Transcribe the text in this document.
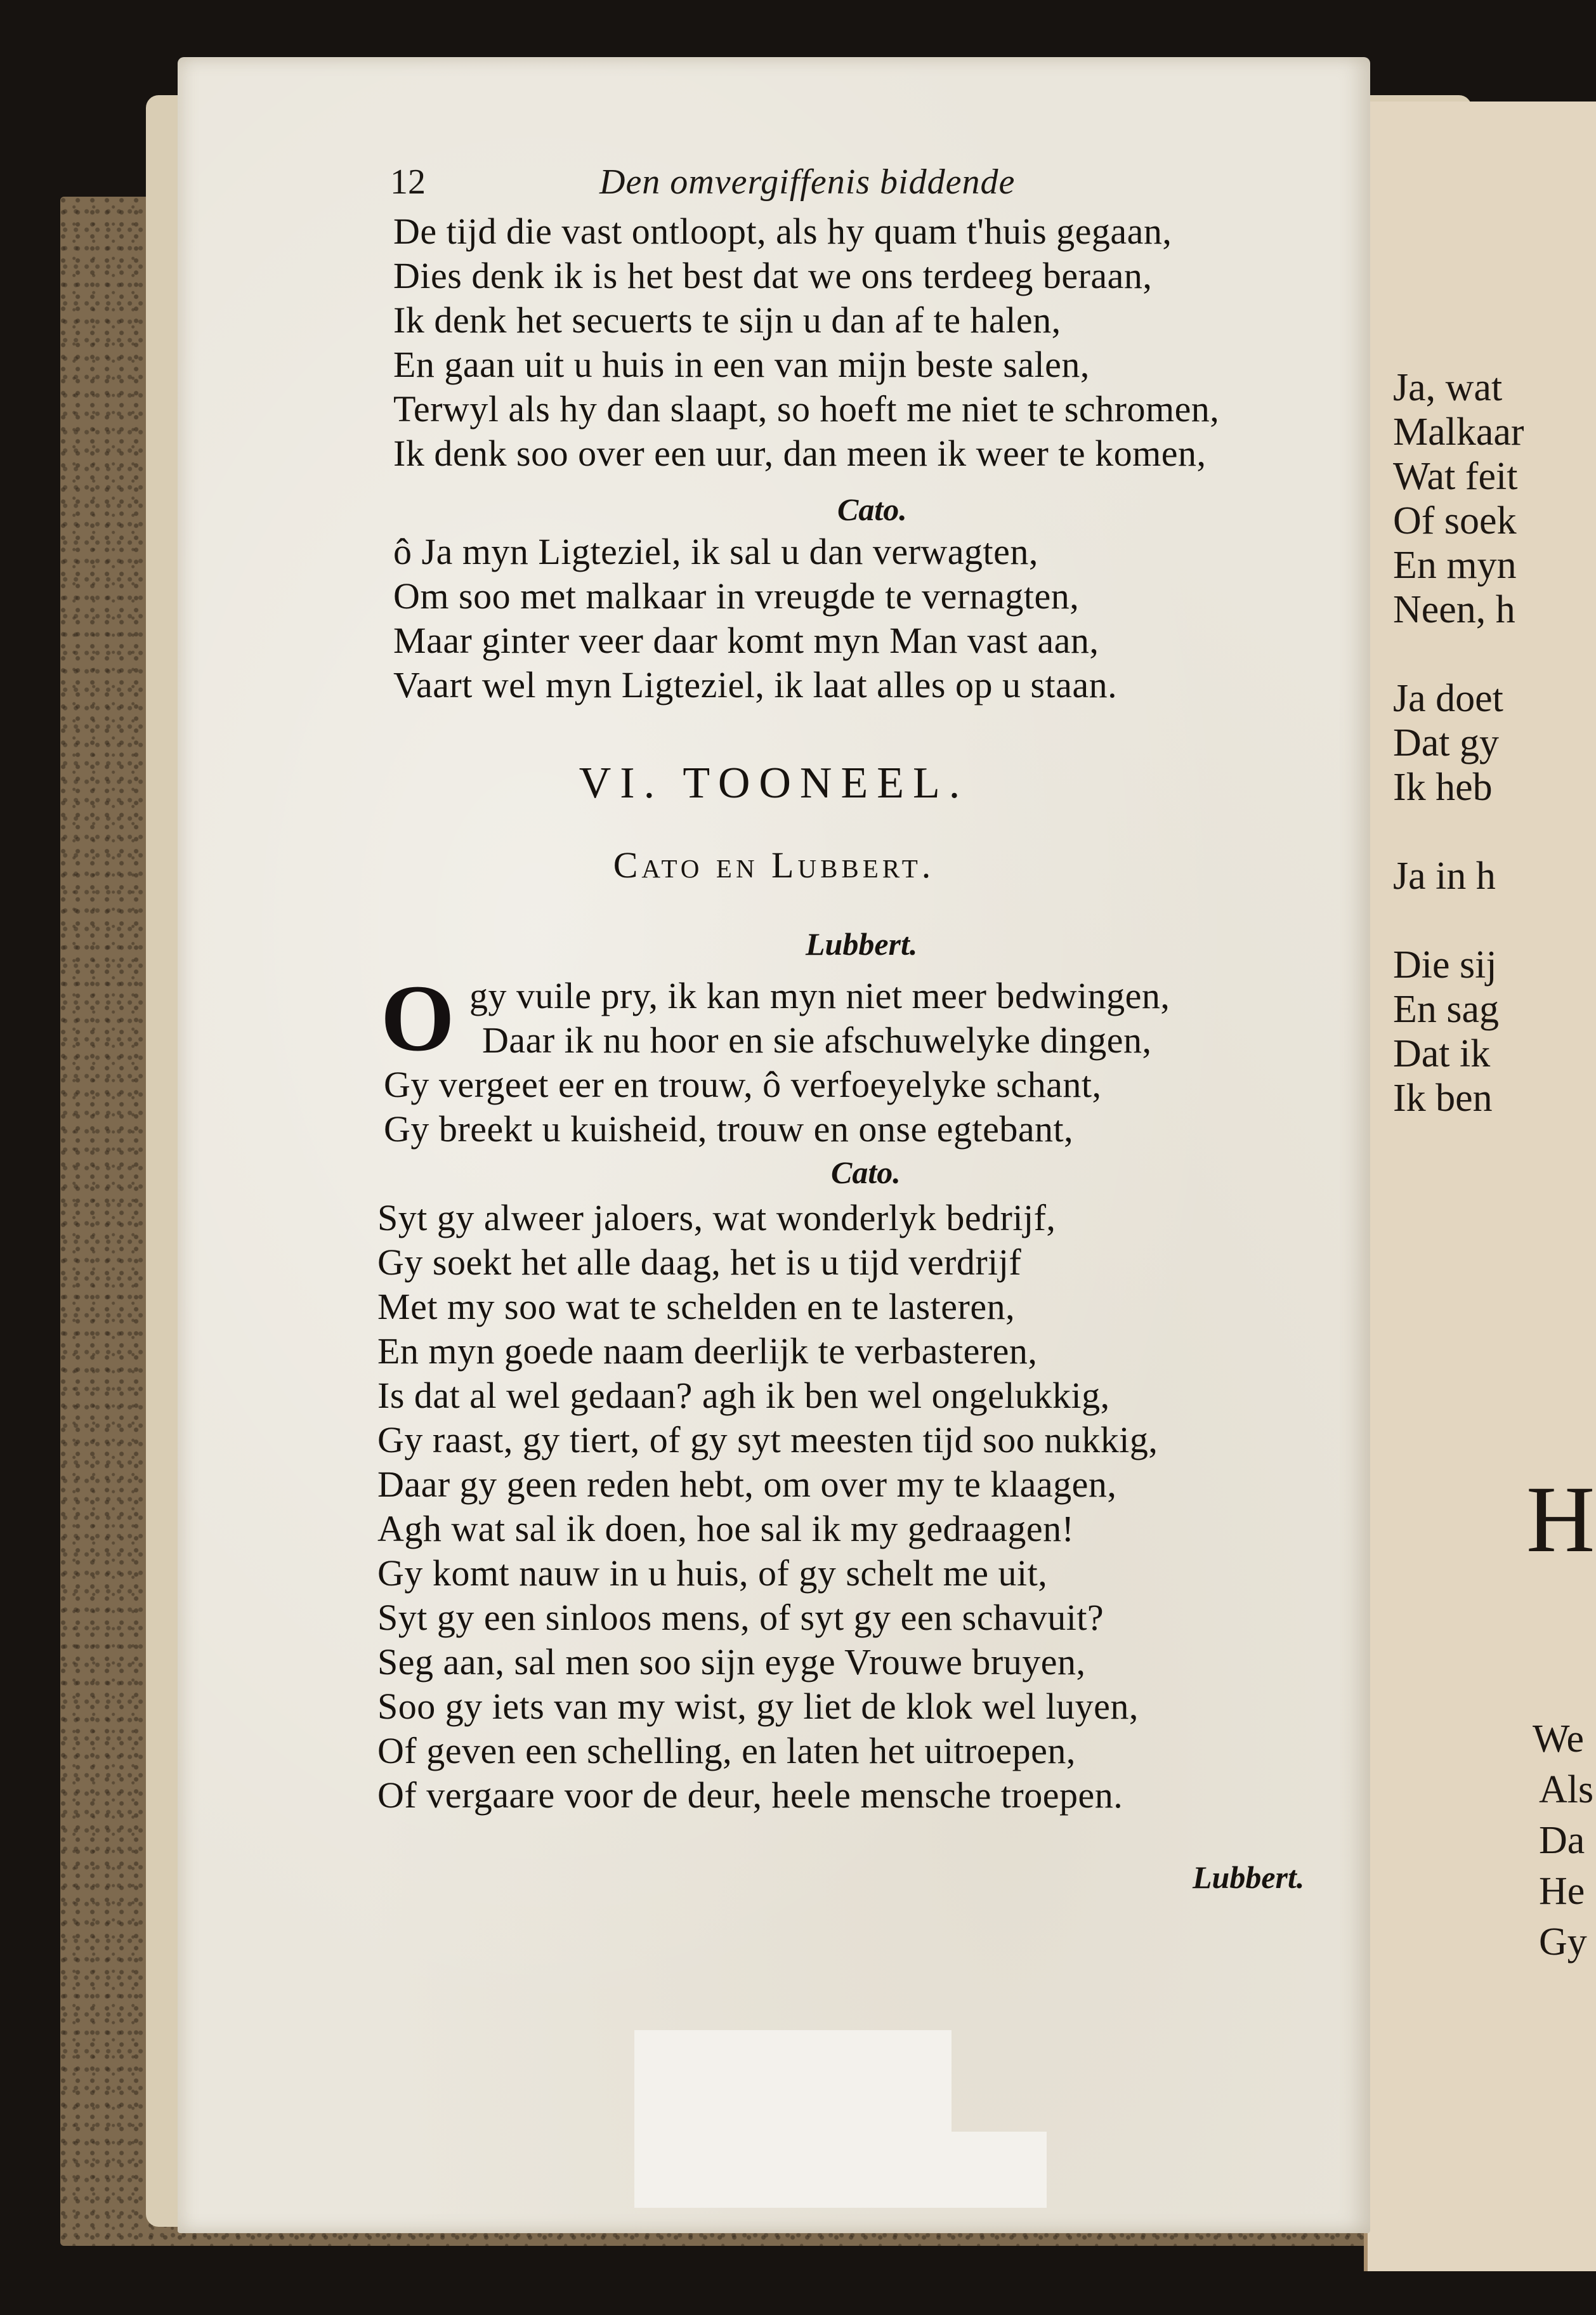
Ja, wat
Malkaar
Wat feit
Of soek
En myn
Neen, h
Ja doet
Dat gy
Ik heb
Ja in h
Die sij
En sag
Dat ik
Ik ben
H
We
Als
Da
He
Gy
12	Den omvergiffenis biddende
De tijd die vast ontloopt, als hy quam t'huis gegaan,
Dies denk ik is het best dat we ons terdeeg beraan,
Ik denk het secuerts te sijn u dan af te halen,
En gaan uit u huis in een van mijn beste salen,
Terwyl als hy dan slaapt, so hoeft me niet te schromen,
Ik denk soo over een uur, dan meen ik weer te komen,
Cato.
ô Ja myn Ligteziel, ik sal u dan verwagten,
Om soo met malkaar in vreugde te vernagten,
Maar ginter veer daar komt myn Man vast aan,
Vaart wel myn Ligteziel, ik laat alles op u staan.
VI. TOONEEL.
Cato en Lubbert.
Lubbert.
O gy vuile pry, ik kan myn niet meer bedwingen,
Daar ik nu hoor en sie afschuwelyke dingen,
Gy vergeet eer en trouw, ô verfoeyelyke schant,
Gy breekt u kuisheid, trouw en onse egtebant,
Cato.
Syt gy alweer jaloers, wat wonderlyk bedrijf,
Gy soekt het alle daag, het is u tijd verdrijf
Met my soo wat te schelden en te lasteren,
En myn goede naam deerlijk te verbasteren,
Is dat al wel gedaan? agh ik ben wel ongelukkig,
Gy raast, gy tiert, of gy syt meesten tijd soo nukkig,
Daar gy geen reden hebt, om over my te klaagen,
Agh wat sal ik doen, hoe sal ik my gedraagen!
Gy komt nauw in u huis, of gy schelt me uit,
Syt gy een sinloos mens, of syt gy een schavuit?
Seg aan, sal men soo sijn eyge Vrouwe bruyen,
Soo gy iets van my wist, gy liet de klok wel luyen,
Of geven een schelling, en laten het uitroepen,
Of vergaare voor de deur, heele mensche troepen.
Lubbert.
